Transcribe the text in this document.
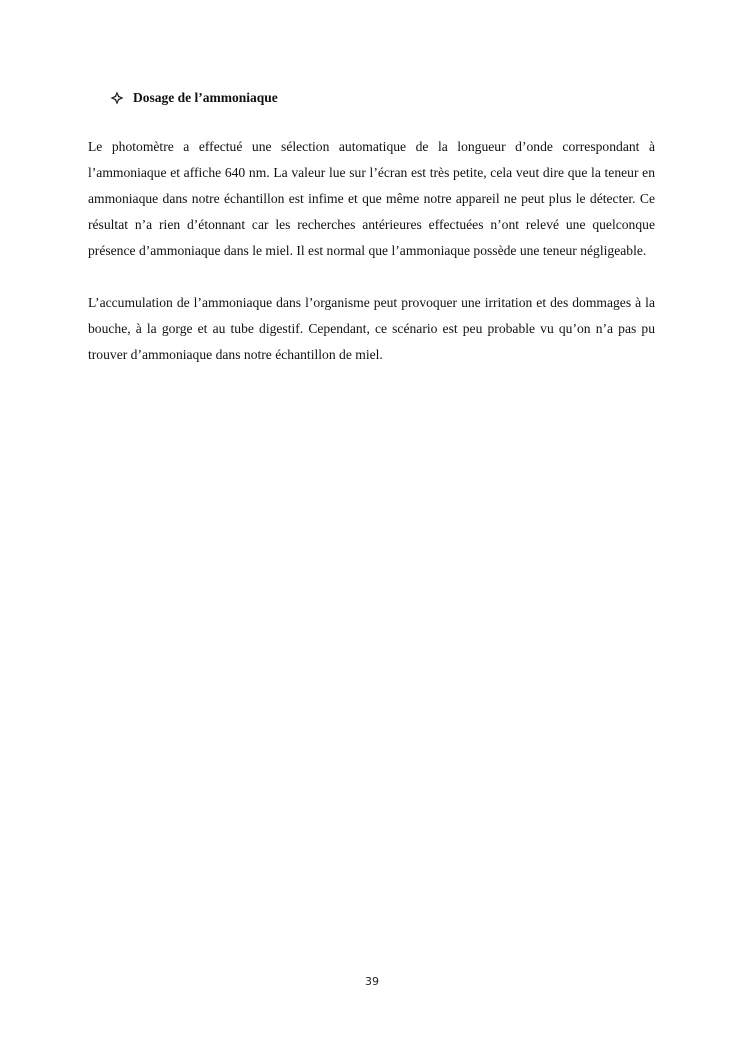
Dosage de l’ammoniaque

Le photomètre a effectué une sélection automatique de la longueur d’onde correspondant à l’ammoniaque et affiche 640 nm. La valeur lue sur l’écran est très petite, cela veut dire que la teneur en ammoniaque dans notre échantillon est infime et que même notre appareil ne peut plus le détecter. Ce résultat n’a rien d’étonnant car les recherches antérieures effectuées n’ont relevé une quelconque présence d’ammoniaque dans le miel. Il est normal que l’ammoniaque possède une teneur négligeable.

L’accumulation de l’ammoniaque dans l’organisme peut provoquer une irritation et des dommages à la bouche, à la gorge et au tube digestif. Cependant, ce scénario est peu probable vu qu’on n’a pas pu trouver d’ammoniaque dans notre échantillon de miel.

39
